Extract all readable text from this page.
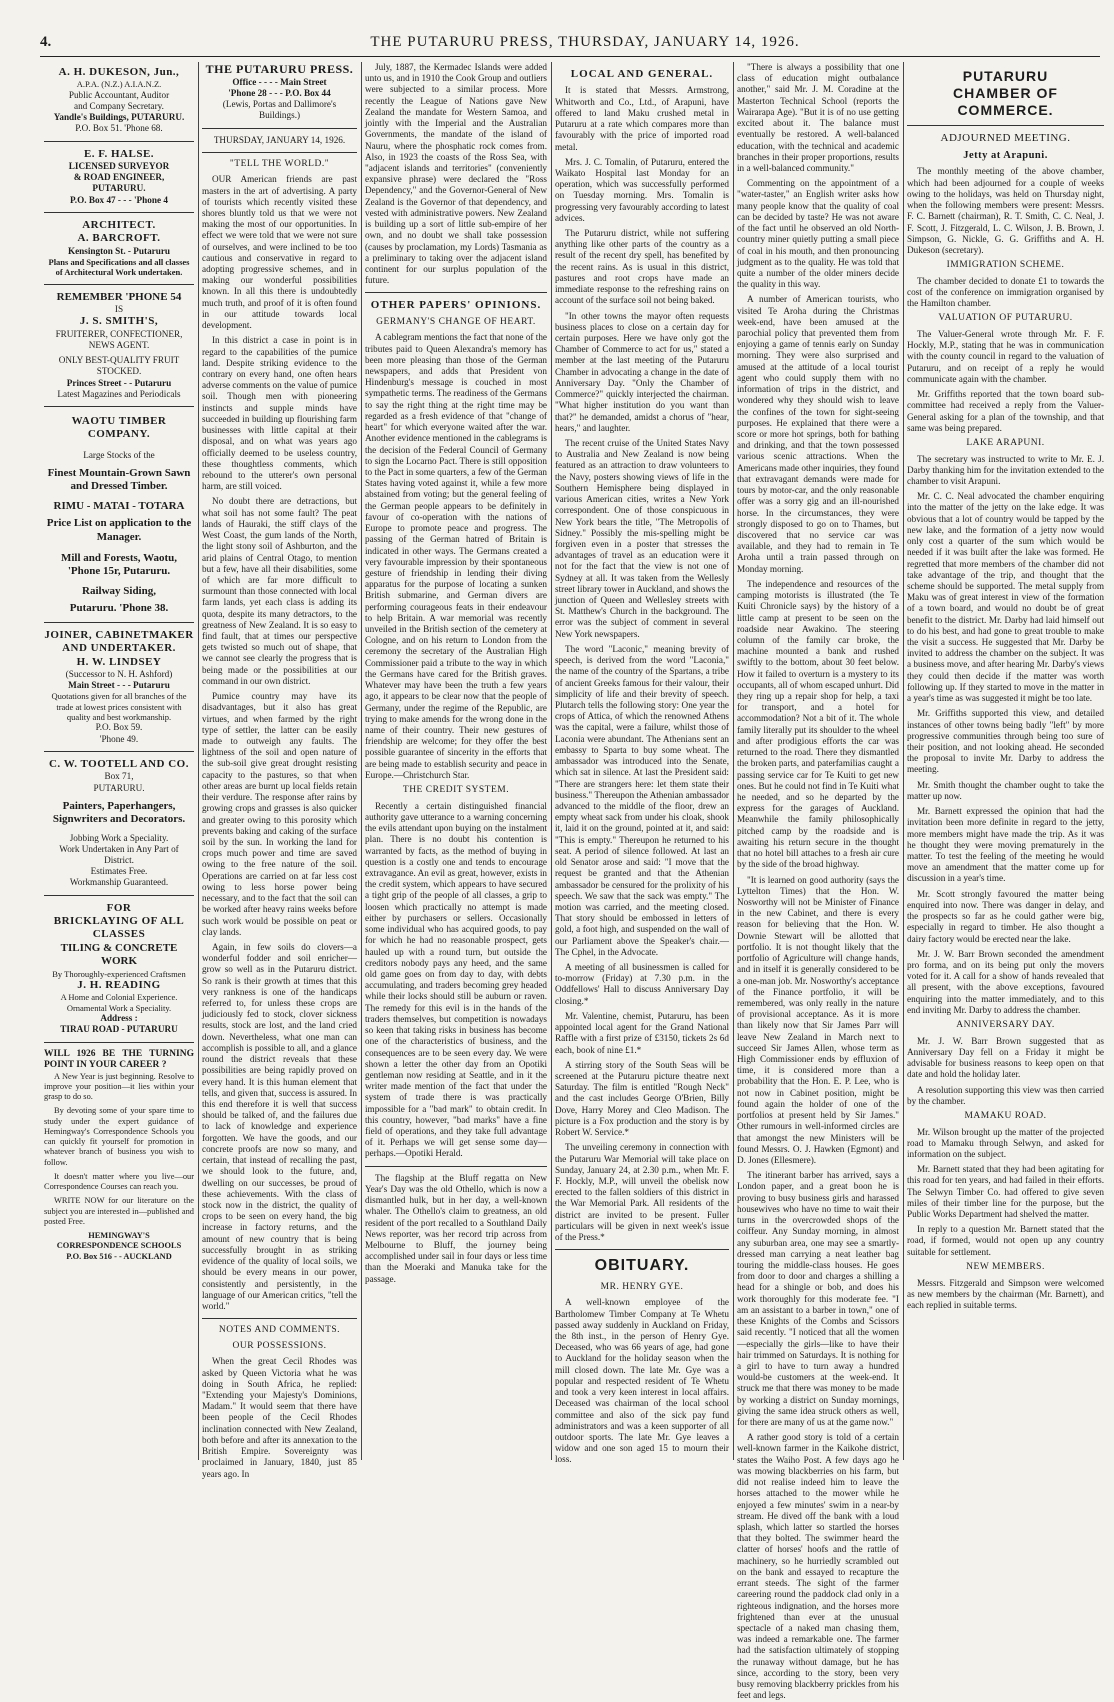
4.	THE PUTARURU PRESS, THURSDAY, JANUARY 14, 1926.
A. H. DUKESON, Jun.,
A.P.A. (N.Z.) A.I.A.N.Z.
Public Accountant, Auditor
and Company Secretary.
Yandle's Buildings, PUTARURU.
P.O. Box 51. 'Phone 68.
E. F. HALSE.
LICENSED SURVEYOR
& ROAD ENGINEER,
PUTARURU.
P.O. Box 47 - - - 'Phone 4
ARCHITECT.
A. BARCROFT.
Kensington St. - Putaruru
Plans and Specifications and all classes of Architectural Work undertaken.
REMEMBER 'PHONE 54
IS
J. S. SMITH'S,
FRUITERER, CONFECTIONER, NEWS AGENT.
ONLY BEST-QUALITY FRUIT STOCKED.
Princes Street - - Putaruru
Latest Magazines and Periodicals
WAOTU TIMBER COMPANY.
Large Stocks of the
Finest Mountain-Grown Sawn and Dressed Timber.
RIMU - MATAI - TOTARA
Price List on application to the Manager.
Mill and Forests, Waotu, 'Phone 15r, Putaruru.
Railway Siding,
Putaruru. 'Phone 38.
JOINER, CABINETMAKER AND UNDERTAKER.
H. W. LINDSEY
(Successor to N. H. Ashford)
Main Street - - - Putaruru
Quotations given for all branches of the trade at lowest prices consistent with quality and best workmanship.
P.O. Box 59.
'Phone 49.
C. W. TOOTELL AND CO.
Box 71,
PUTARURU.
Painters, Paperhangers, Signwriters and Decorators.
Jobbing Work a Speciality.
Work Undertaken in Any Part of District.
Estimates Free.
Workmanship Guaranteed.
FOR
BRICKLAYING OF ALL CLASSES
TILING & CONCRETE WORK
By Thoroughly-experienced Craftsmen
J. H. READING
A Home and Colonial Experience. Ornamental Work a Speciality.
Address :
TIRAU ROAD - PUTARURU
WILL 1926 BE THE TURNING POINT IN YOUR CAREER ?

A New Year is just beginning. Resolve to improve your position—it lies within your grasp to do so.

By devoting some of your spare time to study under the expert guidance of Hemingway's Correspondence Schools you can quickly fit yourself for promotion in whatever branch of business you wish to follow.

It doesn't matter where you live—our Correspondence Courses can reach you.

WRITE NOW for our literature on the subject you are interested in—published and posted Free.

HEMINGWAY'S
CORRESPONDENCE SCHOOLS
P.O. Box 516 - - AUCKLAND
THE PUTARURU PRESS.
Office - - - - Main Street
'Phone 28 - - - P.O. Box 44
(Lewis, Portas and Dallimore's Buildings.)
THURSDAY, JANUARY 14, 1926.
"TELL THE WORLD."

OUR American friends are past masters in the art of advertising. A party of tourists which recently visited these shores bluntly told us that we were not making the most of our opportunities. In effect we were told that we were not sure of ourselves, and were inclined to be too cautious and conservative in regard to adopting progressive schemes, and in making our wonderful possibilities known. In all this there is undoubtedly much truth, and proof of it is often found in our attitude towards local development.

In this district a case in point is in regard to the capabilities of the pumice land. Despite striking evidence to the contrary on every hand, one often hears adverse comments on the value of pumice soil. Though men with pioneering instincts and supple minds have succeeded in building up flourishing farm businesses with little capital at their disposal, and on what was years ago officially deemed to be useless country, these thoughtless comments, which rebound to the utterer's own personal harm, are still voiced.

No doubt there are detractions, but what soil has not some fault? The peat lands of Hauraki, the stiff clays of the West Coast, the gum lands of the North, the light stony soil of Ashburton, and the arid plains of Central Otago, to mention but a few, have all their disabilities, some of which are far more difficult to surmount than those connected with local farm lands, yet each class is adding its quota, despite its many detractors, to the greatness of New Zealand. It is so easy to find fault, that at times our perspective gets twisted so much out of shape, that we cannot see clearly the progress that is being made or the possibilities at our command in our own district.

Pumice country may have its disadvantages, but it also has great virtues, and when farmed by the right type of settler, the latter can be easily made to outweigh any faults. The lightness of the soil and open nature of the sub-soil give great drought resisting capacity to the pastures, so that when other areas are burnt up local fields retain their verdure. The response after rains by growing crops and grasses is also quicker and greater owing to this porosity which prevents baking and caking of the surface soil by the sun. In working the land for crops much power and time are saved owing to the free nature of the soil. Operations are carried on at far less cost owing to less horse power being necessary, and to the fact that the soil can be worked after heavy rains weeks before such work would be possible on peat or clay lands.

Again, in few soils do clovers—a wonderful fodder and soil enricher—grow so well as in the Putaruru district. So rank is their growth at times that this very rankness is one of the handicaps referred to, for unless these crops are judiciously fed to stock, clover sickness results, stock are lost, and the land cried down. Nevertheless, what one man can accomplish is possible to all, and a glance round the district reveals that these possibilities are being rapidly proved on every hand. It is this human element that tells, and given that, success is assured. In this end therefore it is well that success should be talked of, and the failures due to lack of knowledge and experience forgotten. We have the goods, and our concrete proofs are now so many, and certain, that instead of recalling the past, we should look to the future, and, dwelling on our successes, be proud of these achievements. With the class of stock now in the district, the quality of crops to be seen on every hand, the big increase in factory returns, and the amount of new country that is being successfully brought in as striking evidence of the quality of local soils, we should be every means in our power, consistently and persistently, in the language of our American critics, "tell the world."

NOTES AND COMMENTS.
OUR POSSESSIONS.

When the great Cecil Rhodes was asked by Queen Victoria what he was doing in South Africa, he replied: "Extending your Majesty's Dominions, Madam." It would seem that there have been people of the Cecil Rhodes inclination connected with New Zealand, both before and after its annexation to the British Empire. Sovereignty was proclaimed in January, 1840, just 85 years ago. In

July, 1887, the Kermadec Islands were added unto us, and in 1910 the Cook Group and outliers were subjected to a similar process. More recently the League of Nations gave New Zealand the mandate for Western Samoa, and jointly with the Imperial and the Australian Governments, the mandate of the island of Nauru, where the phosphatic rock comes from. Also, in 1923 the coasts of the Ross Sea, with "adjacent islands and territories" (conveniently expansive phrase) were declared the "Ross Dependency," and the Governor-General of New Zealand is the Governor of that dependency, and vested with administrative powers. New Zealand is building up a sort of little sub-empire of her own, and no doubt we shall take possession (causes by proclamation, my Lords) Tasmania as a preliminary to taking over the adjacent island continent for our surplus population of the future.

OTHER PAPERS' OPINIONS.
GERMANY'S CHANGE OF HEART.

A cablegram mentions the fact that none of the tributes paid to Queen Alexandra's memory has been more pleasing than those of the German newspapers, and adds that President von Hindenburg's message is couched in most sympathetic terms. The readiness of the Germans to say the right thing at the right time may be regarded as a fresh evidence of that "change of heart" for which everyone waited after the war. Another evidence mentioned in the cablegrams is the decision of the Federal Council of Germany to sign the Locarno Pact. There is still opposition to the Pact in some quarters, a few of the German States having voted against it, while a few more abstained from voting; but the general feeling of the German people appears to be definitely in favour of co-operation with the nations of Europe to promote peace and progress. The passing of the German hatred of Britain is indicated in other ways. The Germans created a very favourable impression by their spontaneous gesture of friendship in lending their diving apparatus for the purpose of locating a sunken British submarine, and German divers are performing courageous feats in their endeavour to help Britain. A war memorial was recently unveiled in the British section of the cemetery at Cologne, and on his return to London from the ceremony the secretary of the Australian High Commissioner paid a tribute to the way in which the Germans have cared for the British graves. Whatever may have been the truth a few years ago, it appears to be clear now that the people of Germany, under the regime of the Republic, are trying to make amends for the wrong done in the name of their country. Their new gestures of friendship are welcome; for they offer the best possible guarantee of sincerity in the efforts that are being made to establish security and peace in Europe.—Christchurch Star.

THE CREDIT SYSTEM.

Recently a certain distinguished financial authority gave utterance to a warning concerning the evils attendant upon buying on the instalment plan. There is no doubt his contention is warranted by facts, as the method of buying in question is a costly one and tends to encourage extravagance. An evil as great, however, exists in the credit system, which appears to have secured a tight grip of the people of all classes, a grip to loosen which practically no attempt is made either by purchasers or sellers. Occasionally some individual who has acquired goods, to pay for which he had no reasonable prospect, gets hauled up with a round turn, but outside the creditors nobody pays any heed, and the same old game goes on from day to day, with debts accumulating, and traders becoming grey headed while their locks should still be auburn or raven. The remedy for this evil is in the hands of the traders themselves, but competition is nowadays so keen that taking risks in business has become one of the characteristics of business, and the consequences are to be seen every day. We were shown a letter the other day from an Opotiki gentleman now residing at Seattle, and in it the writer made mention of the fact that under the system of trade there is was practically impossible for a "bad mark" to obtain credit. In this country, however, "bad marks" have a fine field of operations, and they take full advantage of it. Perhaps we will get sense some day—perhaps.—Opotiki Herald.

The flagship at the Bluff regatta on New Year's Day was the old Othello, which is now a dismantled hulk, but in her day, a well-known whaler. The Othello's claim to greatness, an old resident of the port recalled to a Southland Daily News reporter, was her record trip across from Melbourne to Bluff, the journey being accomplished under sail in four days or less time than the Moeraki and Manuka take for the passage.

LOCAL AND GENERAL.

It is stated that Messrs. Armstrong, Whitworth and Co., Ltd., of Arapuni, have offered to land Maku crushed metal in Putaruru at a rate which compares more than favourably with the price of imported road metal.

Mrs. J. C. Tomalin, of Putaruru, entered the Waikato Hospital last Monday for an operation, which was successfully performed on Tuesday morning. Mrs. Tomalin is progressing very favourably according to latest advices.

The Putaruru district, while not suffering anything like other parts of the country as a result of the recent dry spell, has benefited by the recent rains. As is usual in this district, pastures and root crops have made an immediate response to the refreshing rains on account of the surface soil not being baked.

"In other towns the mayor often requests business places to close on a certain day for certain purposes. Here we have only got the Chamber of Commerce to act for us," stated a member at the last meeting of the Putaruru Chamber in advocating a change in the date of Anniversary Day. "Only the Chamber of Commerce?" quickly interjected the chairman. "What higher institution do you want than that?" he demanded, amidst a chorus of "hear, hears," and laughter.

The recent cruise of the United States Navy to Australia and New Zealand is now being featured as an attraction to draw volunteers to the Navy, posters showing views of life in the Southern Hemisphere being displayed in various American cities, writes a New York correspondent. One of those conspicuous in New York bears the title, "The Metropolis of Sidney." Possibly the mis-spelling might be forgiven even in a poster that stresses the advantages of travel as an education were it not for the fact that the view is not one of Sydney at all. It was taken from the Wellesly street library tower in Auckland, and shows the junction of Queen and Wellesley streets with St. Matthew's Church in the background. The error was the subject of comment in several New York newspapers.

The word "Laconic," meaning brevity of speech, is derived from the word "Laconia," the name of the country of the Spartans, a tribe of ancient Greeks famous for their valour, their simplicity of life and their brevity of speech. Plutarch tells the following story: One year the crops of Attica, of which the renowned Athens was the capital, were a failure, whilst those of Laconia were abundant. The Athenians sent an embassy to Sparta to buy some wheat. The ambassador was introduced into the Senate, which sat in silence. At last the President said: "There are strangers here: let them state their business." Thereupon the Athenian ambassador advanced to the middle of the floor, drew an empty wheat sack from under his cloak, shook it, laid it on the ground, pointed at it, and said: "This is empty." Thereupon he returned to his seat. A period of silence followed. At last an old Senator arose and said: "I move that the request be granted and that the Athenian ambassador be censured for the prolixity of his speech. We saw that the sack was empty." The motion was carried, and the meeting closed. That story should be embossed in letters of gold, a foot high, and suspended on the wall of our Parliament above the Speaker's chair.—The Cphel, in the Advocate.

A meeting of all businessmen is called for to-morrow (Friday) at 7.30 p.m. in the Oddfellows' Hall to discuss Anniversary Day closing.*

Mr. Valentine, chemist, Putaruru, has been appointed local agent for the Grand National Raffle with a first prize of £3150, tickets 2s 6d each, book of nine £1.*

A stirring story of the South Seas will be screened at the Putaruru picture theatre next Saturday. The film is entitled "Rough Neck" and the cast includes George O'Brien, Billy Dove, Harry Morey and Cleo Madison. The picture is a Fox production and the story is by Robert W. Service.*

The unveiling ceremony in connection with the Putaruru War Memorial will take place on Sunday, January 24, at 2.30 p.m., when Mr. F. F. Hockly, M.P., will unveil the obelisk now erected to the fallen soldiers of this district in the War Memorial Park. All residents of the district are invited to be present. Fuller particulars will be given in next week's issue of the Press.*

OBITUARY.
MR. HENRY GYE.

A well-known employee of the Bartholomew Timber Company at Te Whetu passed away suddenly in Auckland on Friday, the 8th inst., in the person of Henry Gye. Deceased, who was 66 years of age, had gone to Auckland for the holiday season when the mill closed down. The late Mr. Gye was a popular and respected resident of Te Whetu and took a very keen interest in local affairs. Deceased was chairman of the local school committee and also of the sick pay fund administrators and was a keen supporter of all outdoor sports. The late Mr. Gye leaves a widow and one son aged 15 to mourn their loss.

"There is always a possibility that one class of education might outbalance another," said Mr. J. M. Coradine at the Masterton Technical School (reports the Wairarapa Age). "But it is of no use getting excited about it. The balance must eventually be restored. A well-balanced education, with the technical and academic branches in their proper proportions, results in a well-balanced community."

Commenting on the appointment of a "water-taster," an English writer asks how many people know that the quality of coal can be decided by taste? He was not aware of the fact until he observed an old North-country miner quietly putting a small piece of coal in his mouth, and then pronouncing judgment as to the quality. He was told that quite a number of the older miners decide the quality in this way.

A number of American tourists, who visited Te Aroha during the Christmas week-end, have been amused at the parochial policy that prevented them from enjoying a game of tennis early on Sunday morning. They were also surprised and amused at the attitude of a local tourist agent who could supply them with no information of trips in the district, and wondered why they should wish to leave the confines of the town for sight-seeing purposes. He explained that there were a score or more hot springs, both for bathing and drinking, and that the town possessed various scenic attractions. When the Americans made other inquiries, they found that extravagant demands were made for tours by motor-car, and the only reasonable offer was a sorry gig and an ill-nourished horse. In the circumstances, they were strongly disposed to go on to Thames, but discovered that no service car was available, and they had to remain in Te Aroha until a train passed through on Monday morning.

The independence and resources of the camping motorists is illustrated (the Te Kuiti Chronicle says) by the history of a little camp at present to be seen on the roadside near Awakino. The steering column of the family car broke, the machine mounted a bank and rushed swiftly to the bottom, about 30 feet below. How it failed to overturn is a mystery to its occupants, all of whom escaped unhurt. Did they ring up a repair shop for help, a taxi for transport, and a hotel for accommodation? Not a bit of it. The whole family literally put its shoulder to the wheel and after prodigious efforts the car was returned to the road. There they dismantled the broken parts, and paterfamilias caught a passing service car for Te Kuiti to get new ones. But he could not find in Te Kuiti what he needed, and so he departed by the express for the garages of Auckland. Meanwhile the family philosophically pitched camp by the roadside and is awaiting his return secure in the thought that no hotel bill attaches to a fresh air cure by the side of the broad highway.

"It is learned on good authority (says the Lyttelton Times) that the Hon. W. Nosworthy will not be Minister of Finance in the new Cabinet, and there is every reason for believing that the Hon. W. Downie Stewart will be allotted that portfolio. It is not thought likely that the portfolio of Agriculture will change hands, and in itself it is generally considered to be a one-man job. Mr. Nosworthy's acceptance of the Finance portfolio, it will be remembered, was only really in the nature of provisional acceptance. As it is more than likely now that Sir James Parr will leave New Zealand in March next to succeed Sir James Allen, whose term as High Commissioner ends by effluxion of time, it is considered more than a probability that the Hon. E. P. Lee, who is not now in Cabinet position, might be found again the holder of one of the portfolios at present held by Sir James." Other rumours in well-informed circles are that amongst the new Ministers will be found Messrs. O. J. Hawken (Egmont) and D. Jones (Ellesmere).

The itinerant barber has arrived, says a London paper, and a great boon he is proving to busy business girls and harassed housewives who have no time to wait their turns in the overcrowded shops of the coiffeur. Any Sunday morning, in almost any suburban area, one may see a smartly-dressed man carrying a neat leather bag touring the middle-class houses. He goes from door to door and charges a shilling a head for a shingle or bob, and does his work thoroughly for this moderate fee. "I am an assistant to a barber in town," one of these Knights of the Combs and Scissors said recently. "I noticed that all the women—especially the girls—like to have their hair trimmed on Saturdays. It is nothing for a girl to have to turn away a hundred would-be customers at the week-end. It struck me that there was money to be made by working a district on Sunday mornings, giving the same idea struck others as well, for there are many of us at the game now."

A rather good story is told of a certain well-known farmer in the Kaikohe district, states the Waiho Post. A few days ago he was mowing blackberries on his farm, but did not realise indeed him to leave the horses attached to the mower while he enjoyed a few minutes' swim in a near-by stream. He dived off the bank with a loud splash, which latter so startled the horses that they bolted. The swimmer heard the clatter of horses' hoofs and the rattle of machinery, so he hurriedly scrambled out on the bank and essayed to recapture the errant steeds. The sight of the farmer careering round the paddock clad only in a righteous indignation, and the horses more frightened than ever at the unusual spectacle of a naked man chasing them, was indeed a remarkable one. The farmer had the satisfaction ultimately of stopping the runaway without damage, but he has since, according to the story, been very busy removing blackberry prickles from his feet and legs.

PUTARURU
CHAMBER OF COMMERCE.
ADJOURNED MEETING.
Jetty at Arapuni.

The monthly meeting of the above chamber, which had been adjourned for a couple of weeks owing to the holidays, was held on Thursday night, when the following members were present: Messrs. F. C. Barnett (chairman), R. T. Smith, C. C. Neal, J. F. Scott, J. Fitzgerald, L. C. Wilson, J. B. Brown, J. Simpson, G. Nickle, G. G. Griffiths and A. H. Dukeson (secretary).

IMMIGRATION SCHEME.

The chamber decided to donate £1 to towards the cost of the conference on immigration organised by the Hamilton chamber.

VALUATION OF PUTARURU.

The Valuer-General wrote through Mr. F. F. Hockly, M.P., stating that he was in communication with the county council in regard to the valuation of Putaruru, and on receipt of a reply he would communicate again with the chamber.

Mr. Griffiths reported that the town board sub-committee had received a reply from the Valuer-General asking for a plan of the township, and that same was being prepared.

LAKE ARAPUNI.

The secretary was instructed to write to Mr. E. J. Darby thanking him for the invitation extended to the chamber to visit Arapuni.

Mr. C. C. Neal advocated the chamber enquiring into the matter of the jetty on the lake edge. It was obvious that a lot of country would be tapped by the new lake, and the formation of a jetty now would only cost a quarter of the sum which would be needed if it was built after the lake was formed. He regretted that more members of the chamber did not take advantage of the trip, and thought that the scheme should be supported. The metal supply from Maku was of great interest in view of the formation of a town board, and would no doubt be of great benefit to the district. Mr. Darby had laid himself out to do his best, and had gone to great trouble to make the visit a success. He suggested that Mr. Darby be invited to address the chamber on the subject. It was a business move, and after hearing Mr. Darby's views they could then decide if the matter was worth following up. If they started to move in the matter in a year's time as was suggested it might be too late.

Mr. Griffiths supported this view, and detailed instances of other towns being badly "left" by more progressive communities through being too sure of their position, and not looking ahead. He seconded the proposal to invite Mr. Darby to address the meeting.

Mr. Smith thought the chamber ought to take the matter up now.

Mr. Barnett expressed the opinion that had the invitation been more definite in regard to the jetty, more members might have made the trip. As it was he thought they were moving prematurely in the matter. To test the feeling of the meeting he would move an amendment that the matter come up for discussion in a year's time.

Mr. Scott strongly favoured the matter being enquired into now. There was danger in delay, and the prospects so far as he could gather were big, especially in regard to timber. He also thought a dairy factory would be erected near the lake.

Mr. J. W. Barr Brown seconded the amendment pro forma, and on its being put only the movers voted for it. A call for a show of hands revealed that all present, with the above exceptions, favoured enquiring into the matter immediately, and to this end inviting Mr. Darby to address the chamber.

ANNIVERSARY DAY.

Mr. J. W. Barr Brown suggested that as Anniversary Day fell on a Friday it might be advisable for business reasons to keep open on that date and hold the holiday later.

A resolution supporting this view was then carried by the chamber.

MAMAKU ROAD.

Mr. Wilson brought up the matter of the projected road to Mamaku through Selwyn, and asked for information on the subject.

Mr. Barnett stated that they had been agitating for this road for ten years, and had failed in their efforts. The Selwyn Timber Co. had offered to give seven miles of their timber line for the purpose, but the Public Works Department had shelved the matter.

In reply to a question Mr. Barnett stated that the road, if formed, would not open up any country suitable for settlement.

NEW MEMBERS.

Messrs. Fitzgerald and Simpson were welcomed as new members by the chairman (Mr. Barnett), and each replied in suitable terms.
